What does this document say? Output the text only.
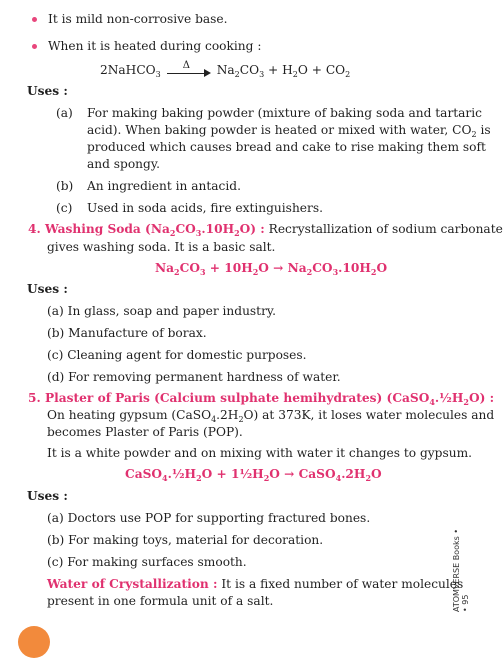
It is mild non-corrosive base.
When it is heated during cooking :
2NaHCO$_3$
Δ $Na_2CO_3 + H_2O + CO_2$
Uses :
(a) For making baking powder (mixture of baking soda and tartaric
acid). When baking powder is heated or mixed with water, $CO_2$ is
produced which causes bread and cake to rise making them soft
and spongy.
(b) An ingredient in antacid.
(c) Used in soda acids, fire extinguishers.
4. Washing Soda $(Na_2CO_3.10H_2O)$ : Recrystallization of sodium carbonate
gives washing soda. It is a basic salt.
$Na_2CO_3 + 10H_2O \to Na_2CO_3.10H_2O$
Uses :
(a) In glass, soap and paper industry.
(b) Manufacture of borax.
(c) Cleaning agent for domestic purposes.
(d) For removing permanent hardness of water.
5. Plaster of Paris (Calcium sulphate hemihydrates) $(CaSO_4.\frac{1}{2}H_2O)$ :
On heating gypsum $(CaSO_4.2H_2O)$ at 373K, it loses water molecules and
becomes Plaster of Paris (POP).
It is a white powder and on mixing with water it changes to gypsum.
$CaSO_4.\frac{1}{2}H_2O$ + $1\frac{1}{2}H_2O$ → $CaSO_4.2H_2O$
Uses :
(a) Doctors use POP for supporting fractured bones.
(b) For making toys, material for decoration.
(c) For making surfaces smooth.
Water of Crystallization : It is a fixed number of water molecules
present in one formula unit of a salt.	ATOMVERSE Books • • 95
